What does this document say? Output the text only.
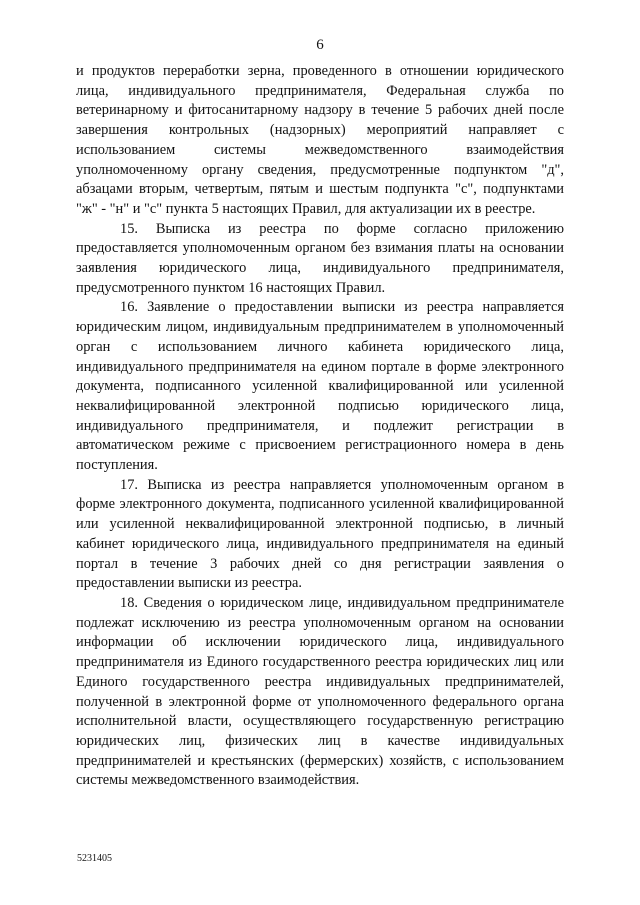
6

и продуктов переработки зерна, проведенного в отношении юридического лица, индивидуального предпринимателя, Федеральная служба по ветеринарному и фитосанитарному надзору в течение 5 рабочих дней после завершения контрольных (надзорных) мероприятий направляет с использованием системы межведомственного взаимодействия уполномоченному органу сведения, предусмотренные подпунктом "д", абзацами вторым, четвертым, пятым и шестым подпункта "с", подпунктами "ж" - "н" и "с" пункта 5 настоящих Правил, для актуализации их в реестре.

15. Выписка из реестра по форме согласно приложению предоставляется уполномоченным органом без взимания платы на основании заявления юридического лица, индивидуального предпринимателя, предусмотренного пунктом 16 настоящих Правил.

16. Заявление о предоставлении выписки из реестра направляется юридическим лицом, индивидуальным предпринимателем в уполномоченный орган с использованием личного кабинета юридического лица, индивидуального предпринимателя на едином портале в форме электронного документа, подписанного усиленной квалифицированной или усиленной неквалифицированной электронной подписью юридического лица, индивидуального предпринимателя, и подлежит регистрации в автоматическом режиме с присвоением регистрационного номера в день поступления.

17. Выписка из реестра направляется уполномоченным органом в форме электронного документа, подписанного усиленной квалифицированной или усиленной неквалифицированной электронной подписью, в личный кабинет юридического лица, индивидуального предпринимателя на единый портал в течение 3 рабочих дней со дня регистрации заявления о предоставлении выписки из реестра.

18. Сведения о юридическом лице, индивидуальном предпринимателе подлежат исключению из реестра уполномоченным органом на основании информации об исключении юридического лица, индивидуального предпринимателя из Единого государственного реестра юридических лиц или Единого государственного реестра индивидуальных предпринимателей, полученной в электронной форме от уполномоченного федерального органа исполнительной власти, осуществляющего государственную регистрацию юридических лиц, физических лиц в качестве индивидуальных предпринимателей и крестьянских (фермерских) хозяйств, с использованием системы межведомственного взаимодействия.

5231405
